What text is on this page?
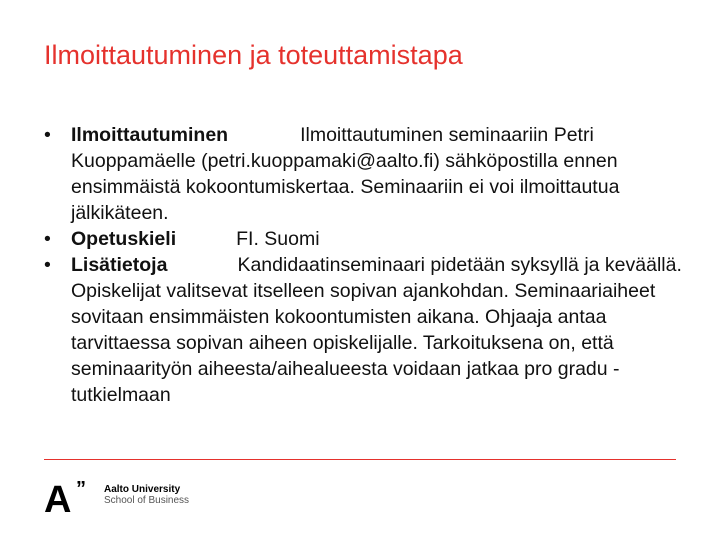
Ilmoittautuminen ja toteuttamistapa
•	Ilmoittautuminen	Ilmoittautuminen seminaariin Petri Kuoppamäelle (petri.kuoppamaki@aalto.fi) sähköpostilla ennen ensimmäistä kokoontumiskertaa. Seminaariin ei voi ilmoittautua jälkikäteen.
•	Opetuskieli	FI. Suomi
•	Lisätietoja	Kandidaatinseminaari pidetään syksyllä ja keväällä. Opiskelijat valitsevat itselleen sopivan ajankohdan. Seminaariaiheet sovitaan ensimmäisten kokoontumisten aikana. Ohjaaja antaa tarvittaessa sopivan aiheen opiskelijalle. Tarkoituksena on, että seminaarityön aiheesta/aihealueesta voidaan jatkaa pro gradu -tutkielmaan
A ” Aalto University
School of Business
